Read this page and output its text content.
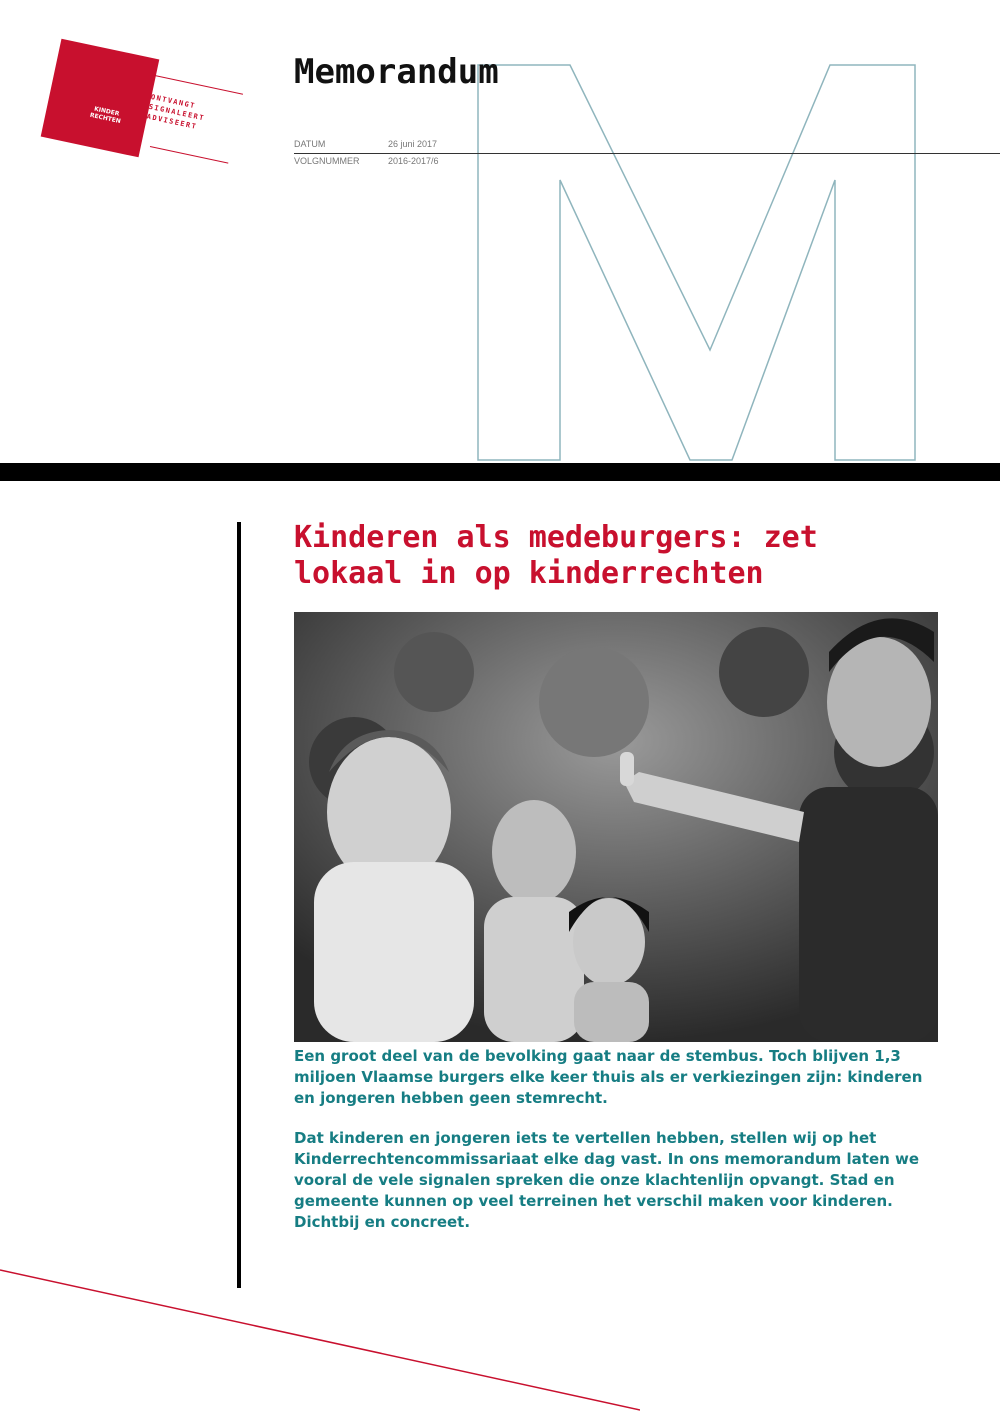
KINDER RECHTEN
ONTVANGT SIGNALEERT ADVISEERT
Memorandum
DATUM	26 juni 2017
VOLGNUMMER	2016-2017/6
Kinderen als medeburgers: zet lokaal in op kinderrechten
Een groot deel van de bevolking gaat naar de stembus. Toch blijven 1,3 miljoen Vlaamse burgers elke keer thuis als er verkiezingen zijn: kinderen en jongeren hebben geen stemrecht.
Dat kinderen en jongeren iets te vertellen hebben, stellen wij op het Kinderrechtencommissariaat elke dag vast. In ons memorandum laten we vooral de vele signalen spreken die onze klachtenlijn opvangt. Stad en gemeente kunnen op veel terreinen het verschil maken voor kinderen. Dichtbij en concreet.
